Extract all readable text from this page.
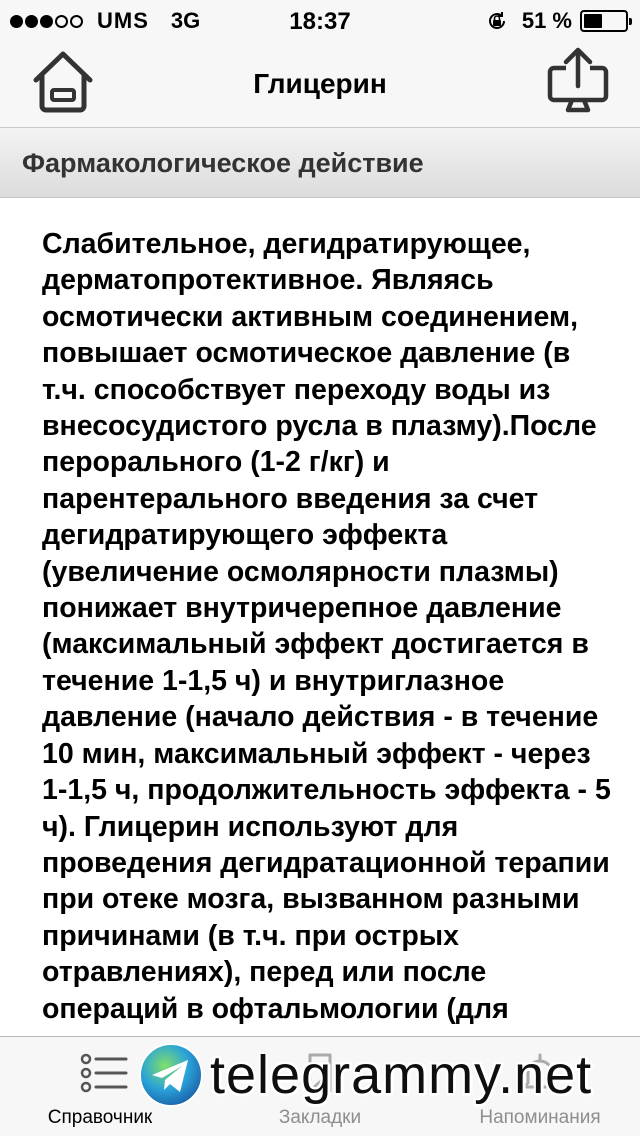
UMS 3G	18:37	51 %
Глицерин
Фармакологическое действие
Слабительное, дегидратирующее, дерматопротективное. Являясь осмотически активным соединением, повышает осмотическое давление (в т.ч. способствует переходу воды из внесосудистого русла в плазму).После перорального (1-2 г/кг) и парентерального введения за счет дегидратирующего эффекта (увеличение осмолярности плазмы) понижает внутричерепное давление (максимальный эффект достигается в течение 1-1,5 ч) и внутриглазное давление (начало действия - в течение 10 мин, максимальный эффект - через 1-1,5 ч, продолжительность эффекта - 5 ч). Глицерин используют для проведения дегидратационной терапии при отеке мозга, вызванном разными причинами (в т.ч. при острых отравлениях), перед или после операций в офтальмологии (для
Справочник	Закладки	Напоминания
telegrammy.net
